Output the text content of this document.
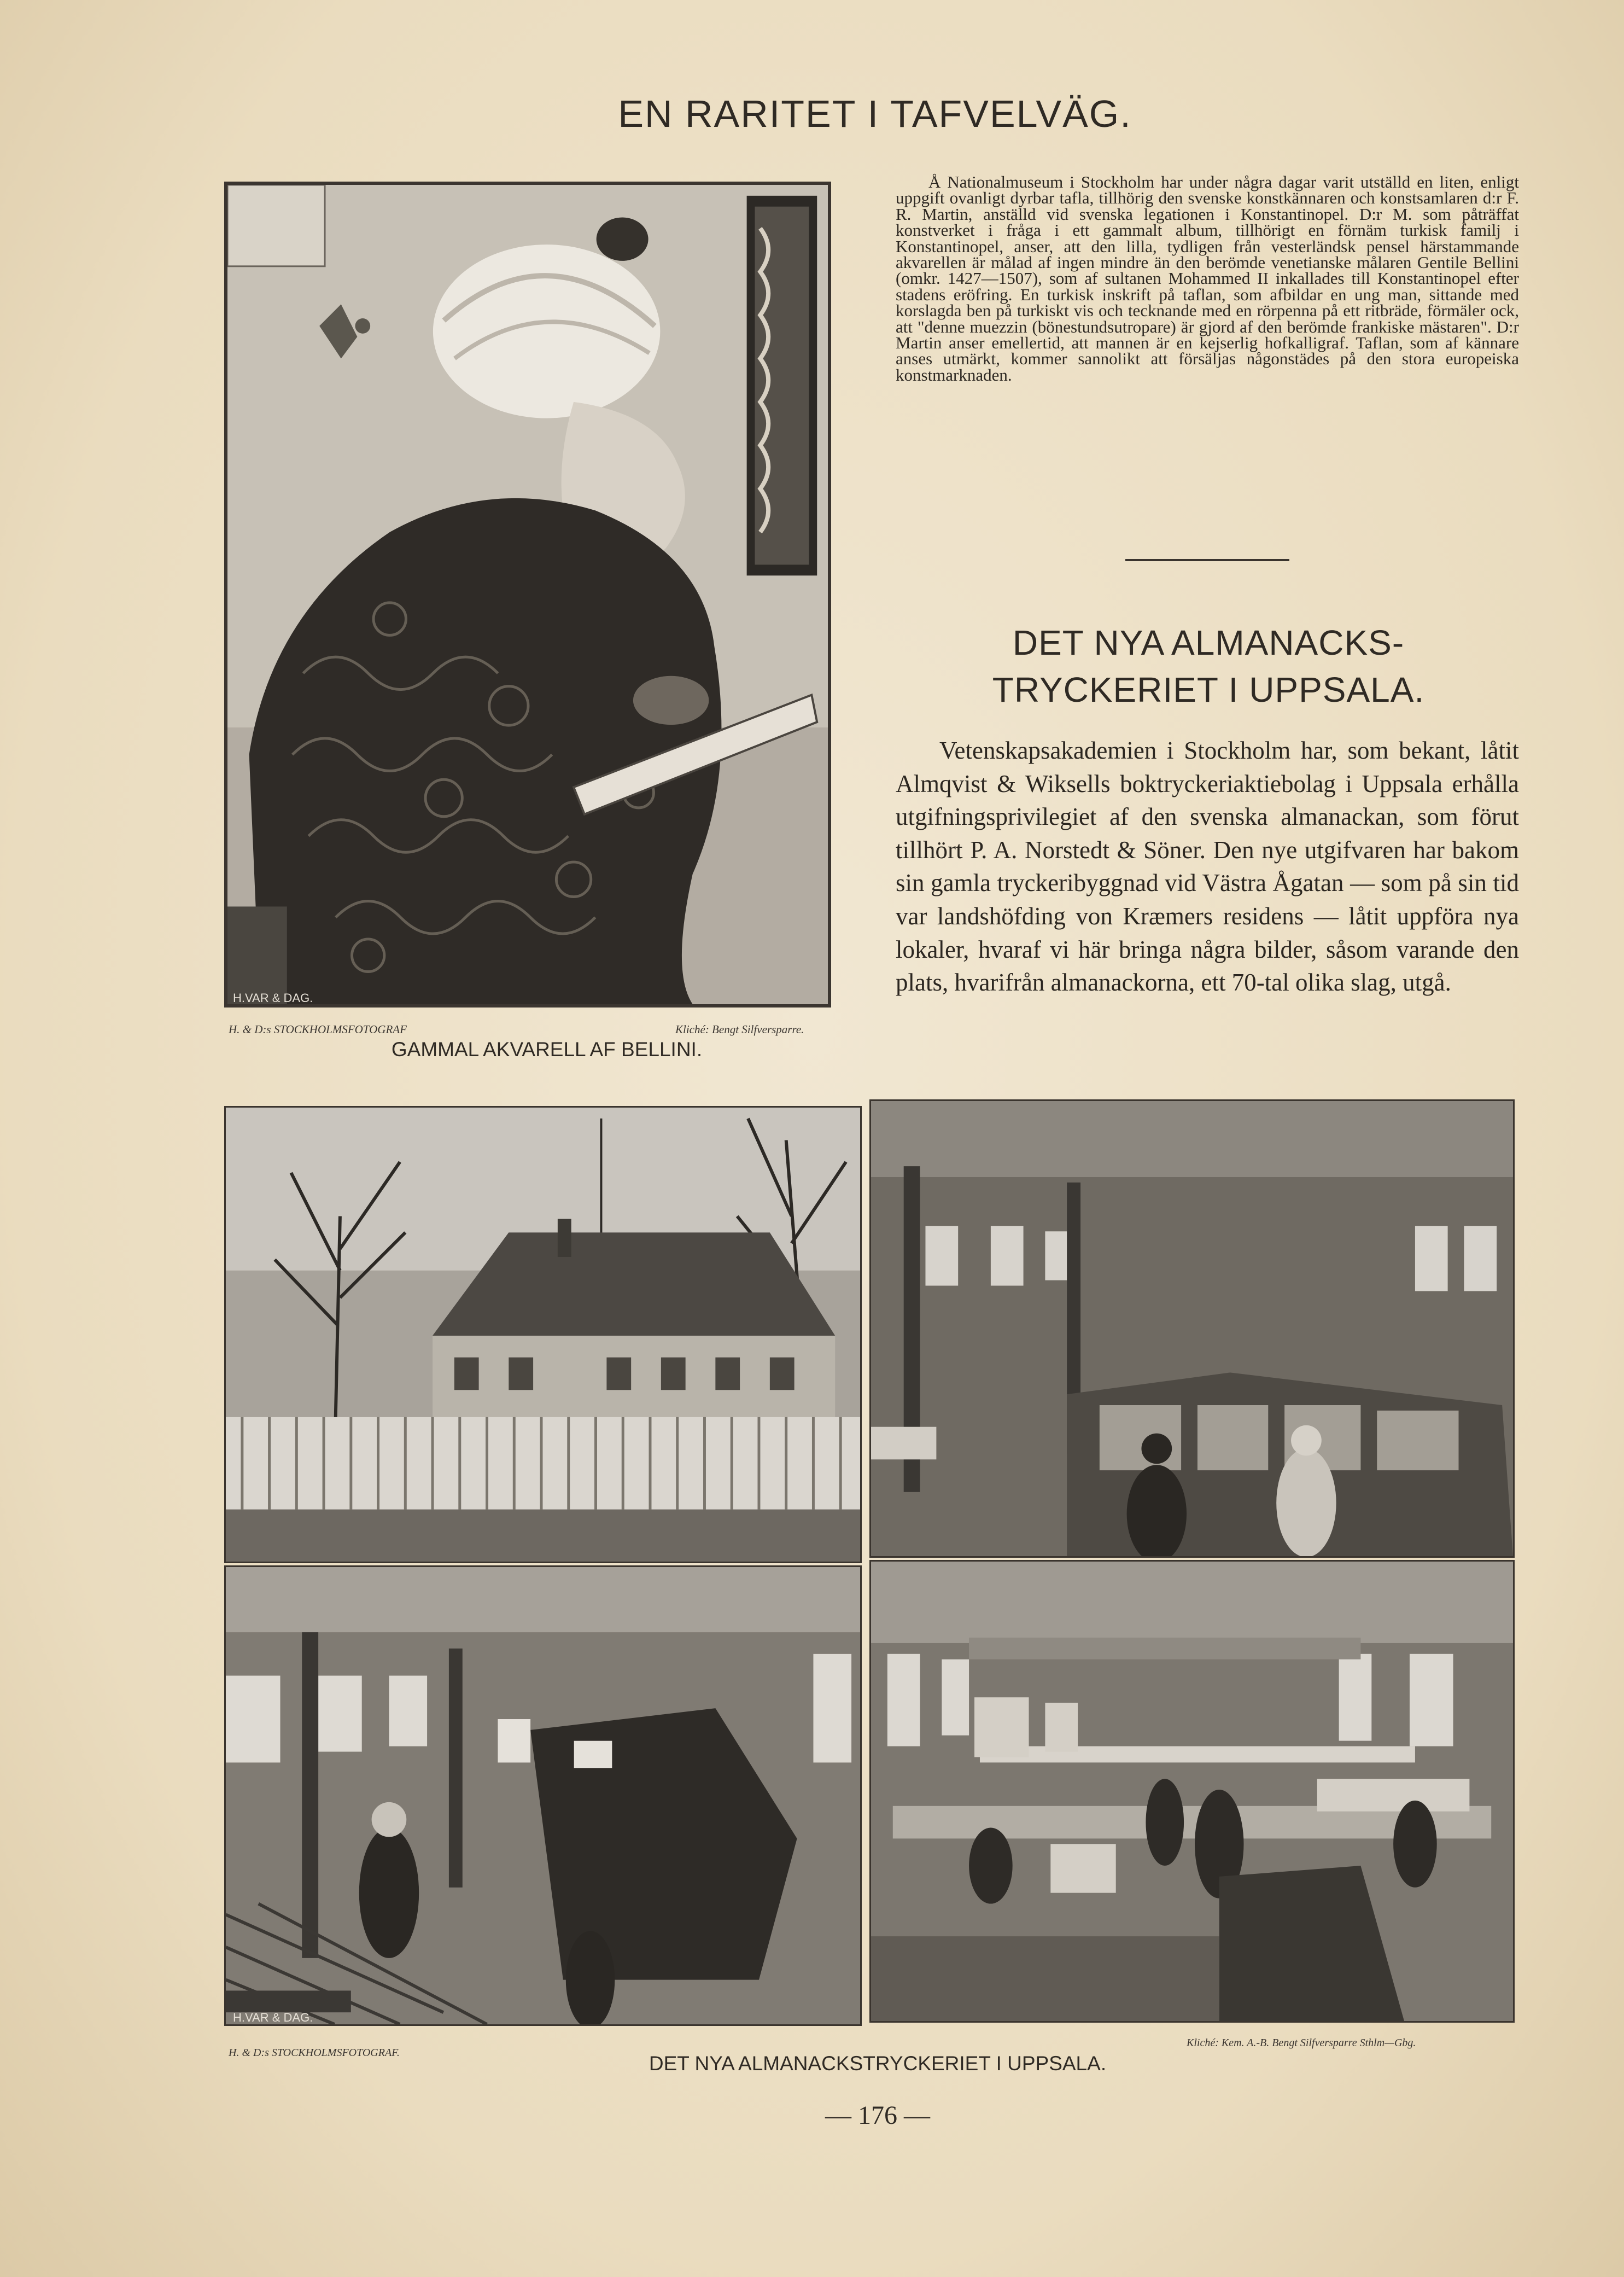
EN RARITET I TAFVELVÄG.
H.VAR & DAG.
H. & D:s STOCKHOLMSFOTOGRAF	Kliché: Bengt Silfversparre.
GAMMAL AKVARELL AF BELLINI.

Å Nationalmuseum i Stockholm har under några dagar varit utställd en liten, enligt uppgift ovanligt dyrbar tafla, tillhörig den svenske konstkännaren och konstsamlaren d:r F. R. Martin, anställd vid svenska legationen i Konstantinopel. D:r M. som påträffat konstverket i fråga i ett gammalt album, tillhörigt en förnäm turkisk familj i Konstantinopel, anser, att den lilla, tydligen från vesterländsk pensel härstammande akvarellen är målad af ingen mindre än den berömde venetianske målaren Gentile Bellini (omkr. 1427—1507), som af sultanen Mohammed II inkallades till Konstantinopel efter stadens eröfring. En turkisk inskrift på taflan, som afbildar en ung man, sittande med korslagda ben på turkiskt vis och tecknande med en rörpenna på ett ritbräde, förmäler ock, att "denne muezzin (bönestundsutropare) är gjord af den berömde frankiske mästaren". D:r Martin anser emellertid, att mannen är en kejserlig hofkalligraf. Taflan, som af kännare anses utmärkt, kommer sannolikt att försäljas någonstädes på den stora europeiska konstmarknaden.

DET NYA ALMANACKS-
TRYCKERIET I UPPSALA.

Vetenskapsakademien i Stockholm har, som bekant, låtit Almqvist & Wiksells boktryckeriaktiebolag i Uppsala erhålla utgifningsprivilegiet af den svenska almanackan, som förut tillhört P. A. Norstedt & Söner. Den nye utgifvaren har bakom sin gamla tryckeribyggnad vid Västra Ågatan — som på sin tid var landshöfding von Kræmers residens — låtit uppföra nya lokaler, hvaraf vi här bringa några bilder, såsom varande den plats, hvarifrån almanackorna, ett 70-tal olika slag, utgå.

H.VAR & DAG.
H. & D:s STOCKHOLMSFOTOGRAF.
Kliché: Kem. A.-B. Bengt Silfversparre Sthlm—Gbg.
DET NYA ALMANACKSTRYCKERIET I UPPSALA.
— 176 —
